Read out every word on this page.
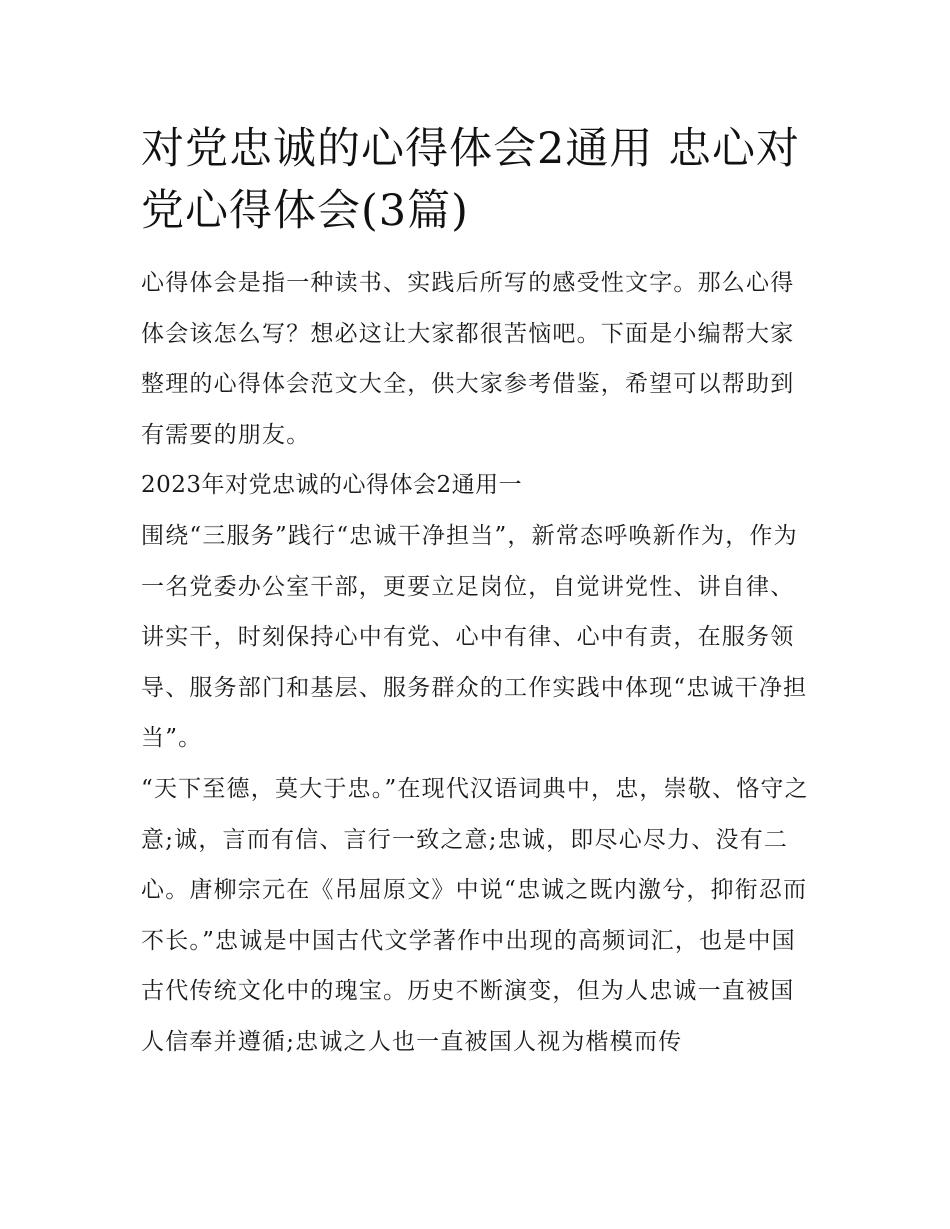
对党忠诚的心得体会2通用 忠心对党心得体会(3篇)

心得体会是指一种读书、实践后所写的感受性文字。那么心得体会该怎么写？想必这让大家都很苦恼吧。下面是小编帮大家整理的心得体会范文大全，供大家参考借鉴，希望可以帮助到有需要的朋友。

2023年对党忠诚的心得体会2通用一

围绕“三服务”践行“忠诚干净担当”，新常态呼唤新作为，作为一名党委办公室干部，更要立足岗位，自觉讲党性、讲自律、讲实干，时刻保持心中有党、心中有律、心中有责，在服务领导、服务部门和基层、服务群众的工作实践中体现“忠诚干净担当”。

“天下至德，莫大于忠。”在现代汉语词典中，忠，崇敬、恪守之意;诚，言而有信、言行一致之意;忠诚，即尽心尽力、没有二心。唐柳宗元在《吊屈原文》中说“忠诚之既内激兮，抑衔忍而不长。”忠诚是中国古代文学著作中出现的高频词汇，也是中国古代传统文化中的瑰宝。历史不断演变，但为人忠诚一直被国人信奉并遵循;忠诚之人也一直被国人视为楷模而传
